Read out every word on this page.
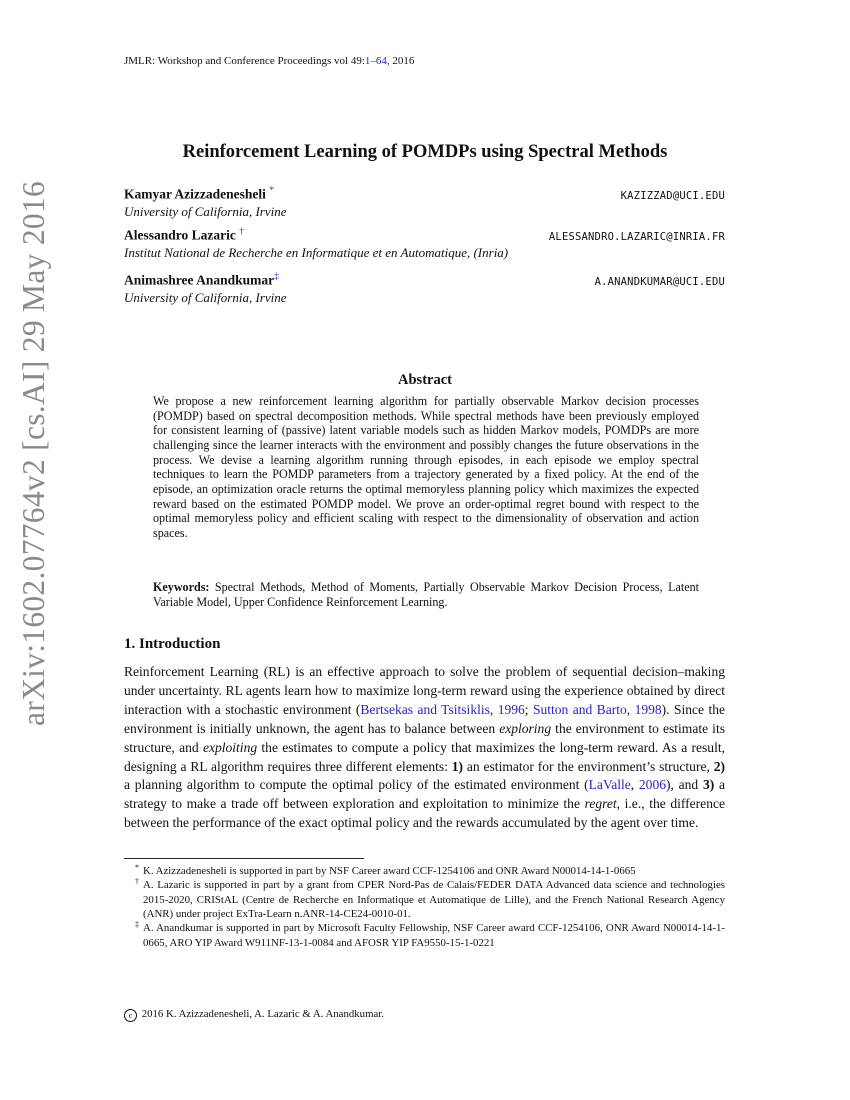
arXiv:1602.07764v2 [cs.AI] 29 May 2016
JMLR: Workshop and Conference Proceedings vol 49:1–64, 2016
Reinforcement Learning of POMDPs using Spectral Methods
Kamyar Azizzadenesheli *	KAZIZZAD@UCI.EDU
University of California, Irvine
Alessandro Lazaric †	ALESSANDRO.LAZARIC@INRIA.FR
Institut National de Recherche en Informatique et en Automatique, (Inria)
Animashree Anandkumar‡	A.ANANDKUMAR@UCI.EDU
University of California, Irvine
Abstract
We propose a new reinforcement learning algorithm for partially observable Markov decision processes (POMDP) based on spectral decomposition methods. While spectral methods have been previously employed for consistent learning of (passive) latent variable models such as hidden Markov models, POMDPs are more challenging since the learner interacts with the environment and possibly changes the future observations in the process. We devise a learning algorithm running through episodes, in each episode we employ spectral techniques to learn the POMDP parameters from a trajectory generated by a fixed policy. At the end of the episode, an optimization oracle returns the optimal memoryless planning policy which maximizes the expected reward based on the estimated POMDP model. We prove an order-optimal regret bound with respect to the optimal memoryless policy and efficient scaling with respect to the dimensionality of observation and action spaces.
Keywords: Spectral Methods, Method of Moments, Partially Observable Markov Decision Process, Latent Variable Model, Upper Confidence Reinforcement Learning.
1. Introduction
Reinforcement Learning (RL) is an effective approach to solve the problem of sequential decision–making under uncertainty. RL agents learn how to maximize long-term reward using the experience obtained by direct interaction with a stochastic environment (Bertsekas and Tsitsiklis, 1996; Sutton and Barto, 1998). Since the environment is initially unknown, the agent has to balance between exploring the environment to estimate its structure, and exploiting the estimates to compute a policy that maximizes the long-term reward. As a result, designing a RL algorithm requires three different elements: 1) an estimator for the environment’s structure, 2) a planning algorithm to compute the optimal policy of the estimated environment (LaValle, 2006), and 3) a strategy to make a trade off between exploration and exploitation to minimize the regret, i.e., the difference between the performance of the exact optimal policy and the rewards accumulated by the agent over time.
* K. Azizzadenesheli is supported in part by NSF Career award CCF-1254106 and ONR Award N00014-14-1-0665
† A. Lazaric is supported in part by a grant from CPER Nord-Pas de Calais/FEDER DATA Advanced data science and technologies 2015-2020, CRIStAL (Centre de Recherche en Informatique et Automatique de Lille), and the French National Research Agency (ANR) under project ExTra-Learn n.ANR-14-CE24-0010-01.
‡ A. Anandkumar is supported in part by Microsoft Faculty Fellowship, NSF Career award CCF-1254106, ONR Award N00014-14-1-0665, ARO YIP Award W911NF-13-1-0084 and AFOSR YIP FA9550-15-1-0221
c 2016 K. Azizzadenesheli, A. Lazaric & A. Anandkumar.
